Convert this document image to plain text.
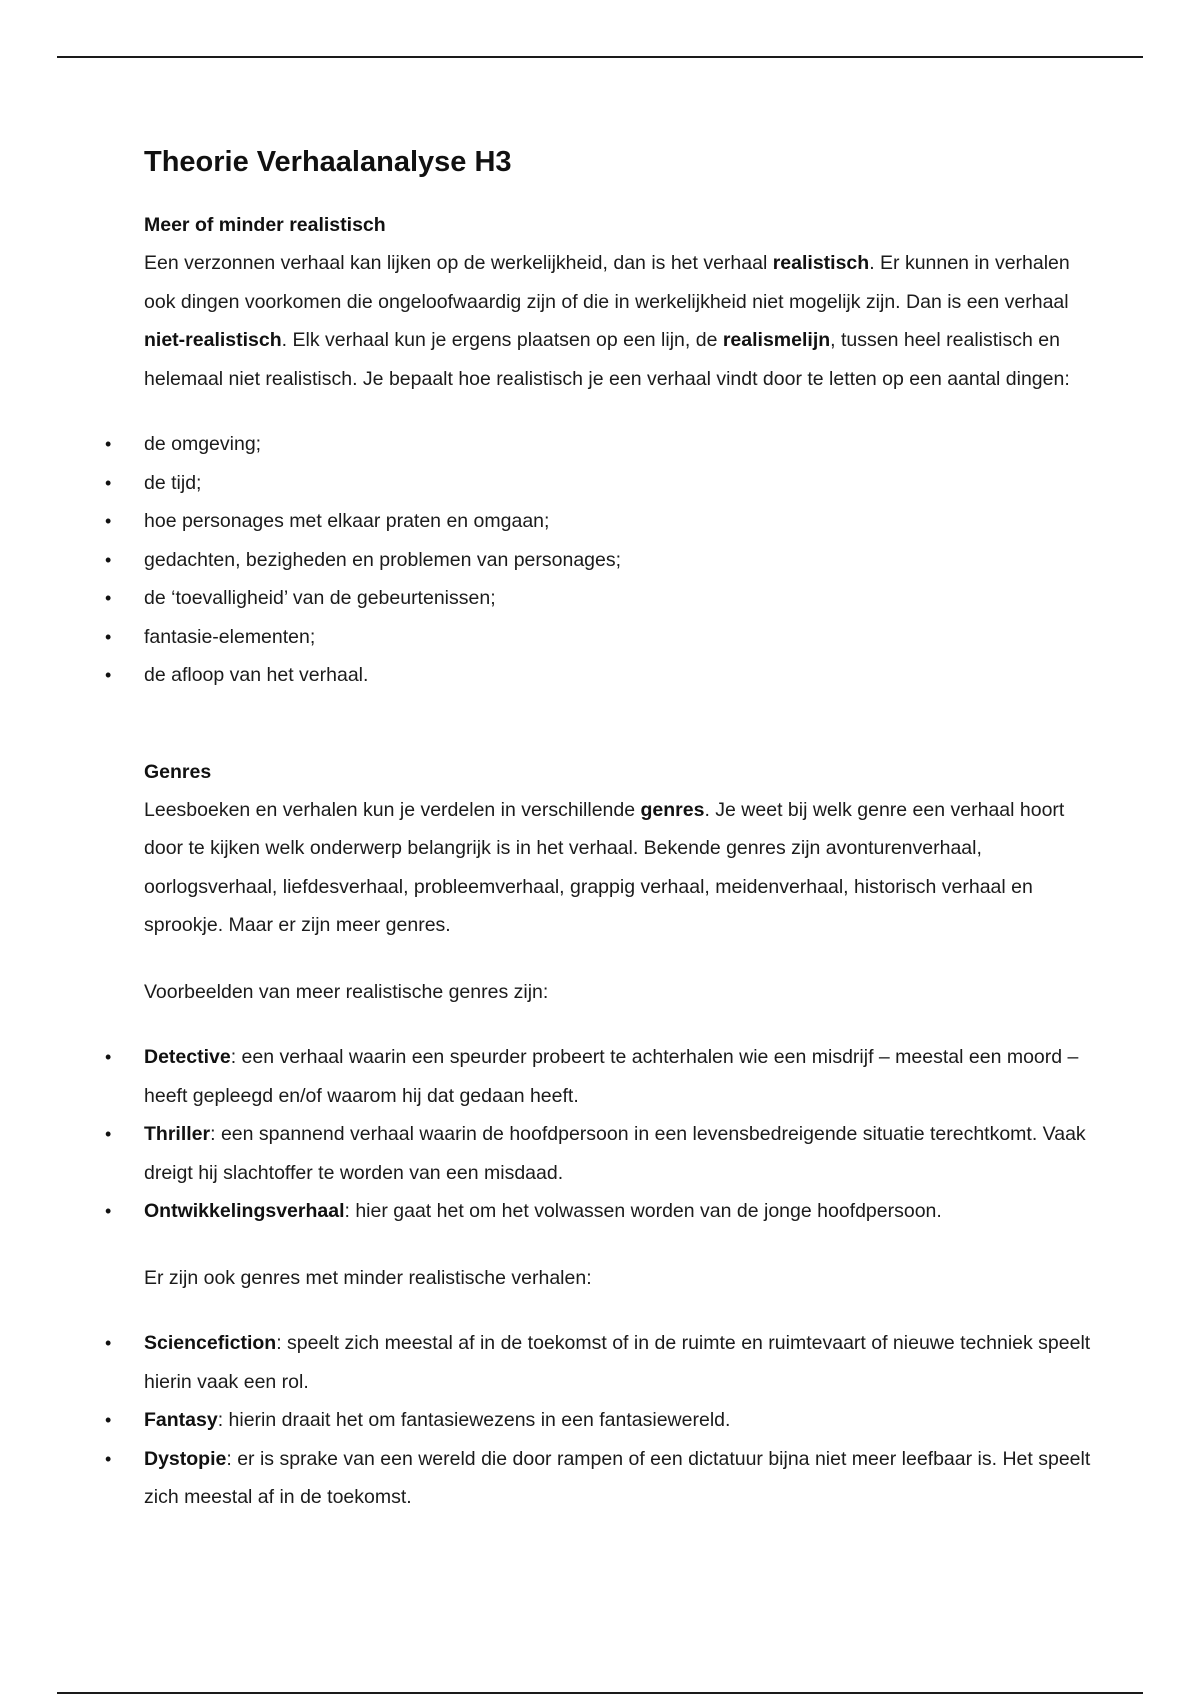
Theorie Verhaalanalyse H3
Meer of minder realistisch

Een verzonnen verhaal kan lijken op de werkelijkheid, dan is het verhaal realistisch. Er kunnen in verhalen ook dingen voorkomen die ongeloofwaardig zijn of die in werkelijkheid niet mogelijk zijn. Dan is een verhaal niet-realistisch. Elk verhaal kun je ergens plaatsen op een lijn, de realismelijn, tussen heel realistisch en helemaal niet realistisch. Je bepaalt hoe realistisch je een verhaal vindt door te letten op een aantal dingen:

• de omgeving;
• de tijd;
• hoe personages met elkaar praten en omgaan;
• gedachten, bezigheden en problemen van personages;
• de ‘toevalligheid’ van de gebeurtenissen;
• fantasie-elementen;
• de afloop van het verhaal.
Genres

Leesboeken en verhalen kun je verdelen in verschillende genres. Je weet bij welk genre een verhaal hoort door te kijken welk onderwerp belangrijk is in het verhaal. Bekende genres zijn avonturenverhaal, oorlogsverhaal, liefdesverhaal, probleemverhaal, grappig verhaal, meidenverhaal, historisch verhaal en sprookje. Maar er zijn meer genres.

Voorbeelden van meer realistische genres zijn:

• Detective: een verhaal waarin een speurder probeert te achterhalen wie een misdrijf – meestal een moord – heeft gepleegd en/of waarom hij dat gedaan heeft.
• Thriller: een spannend verhaal waarin de hoofdpersoon in een levensbedreigende situatie terechtkomt. Vaak dreigt hij slachtoffer te worden van een misdaad.
• Ontwikkelingsverhaal: hier gaat het om het volwassen worden van de jonge hoofdpersoon.

Er zijn ook genres met minder realistische verhalen:

• Sciencefiction: speelt zich meestal af in de toekomst of in de ruimte en ruimtevaart of nieuwe techniek speelt hierin vaak een rol.
• Fantasy: hierin draait het om fantasiewezens in een fantasiewereld.
• Dystopie: er is sprake van een wereld die door rampen of een dictatuur bijna niet meer leefbaar is. Het speelt zich meestal af in de toekomst.
